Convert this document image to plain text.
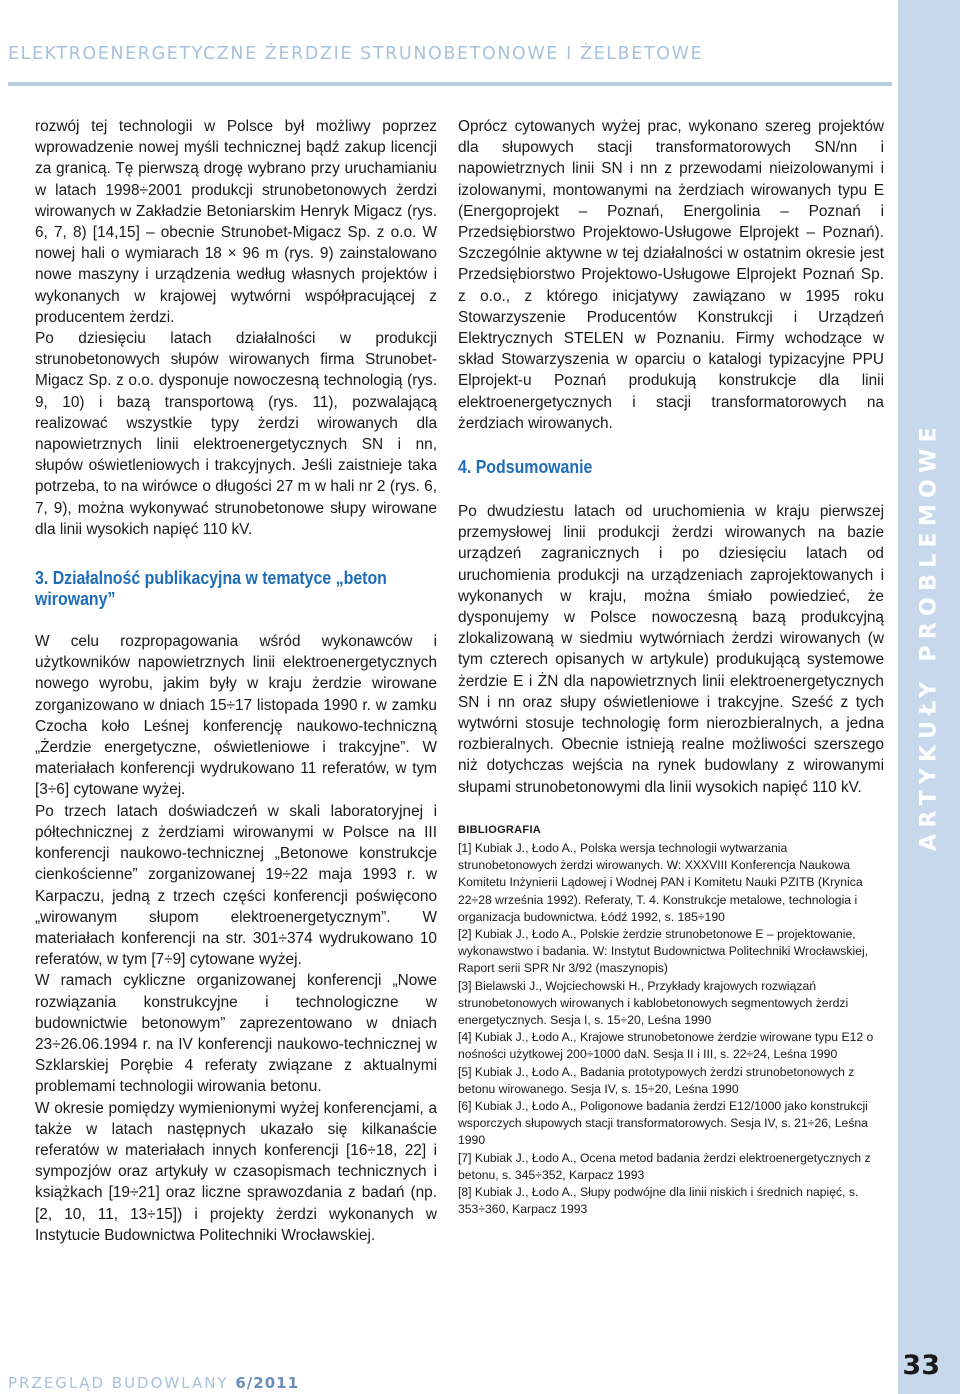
ELEKTROENERGETYCZNE ŻERDZIE STRUNOBETONOWE I ŻELBETOWE
ARTYKUŁY PROBLEMOWE

rozwój tej technologii w Polsce był możliwy poprzez wprowadzenie nowej myśli technicznej bądź zakup licencji za granicą. Tę pierwszą drogę wybrano przy uruchamianiu w latach 1998÷2001 produkcji strunobetonowych żerdzi wirowanych w Zakładzie Betoniarskim Henryk Migacz (rys. 6, 7, 8) [14,15] – obecnie Strunobet-Migacz Sp. z o.o. W nowej hali o wymiarach 18 × 96 m (rys. 9) zainstalowano nowe maszyny i urządzenia według własnych projektów i wykonanych w krajowej wytwórni współpracującej z producentem żerdzi.

Po dziesięciu latach działalności w produkcji strunobetonowych słupów wirowanych firma Strunobet-Migacz Sp. z o.o. dysponuje nowoczesną technologią (rys. 9, 10) i bazą transportową (rys. 11), pozwalającą realizować wszystkie typy żerdzi wirowanych dla napowietrznych linii elektroenergetycznych SN i nn, słupów oświetleniowych i trakcyjnych. Jeśli zaistnieje taka potrzeba, to na wirówce o długości 27 m w hali nr 2 (rys. 6, 7, 9), można wykonywać strunobetonowe słupy wirowane dla linii wysokich napięć 110 kV.

3. Działalność publikacyjna w tematyce „beton wirowany”

W celu rozpropagowania wśród wykonawców i użytkowników napowietrznych linii elektroenergetycznych nowego wyrobu, jakim były w kraju żerdzie wirowane zorganizowano w dniach 15÷17 listopada 1990 r. w zamku Czocha koło Leśnej konferencję naukowo-techniczną „Żerdzie energetyczne, oświetleniowe i trakcyjne”. W materiałach konferencji wydrukowano 11 referatów, w tym [3÷6] cytowane wyżej.

Po trzech latach doświadczeń w skali laboratoryjnej i półtechnicznej z żerdziami wirowanymi w Polsce na III konferencji naukowo-technicznej „Betonowe konstrukcje cienkościenne” zorganizowanej 19÷22 maja 1993 r. w Karpaczu, jedną z trzech części konferencji poświęcono „wirowanym słupom elektroenergetycznym”. W materiałach konferencji na str. 301÷374 wydrukowano 10 referatów, w tym [7÷9] cytowane wyżej.

W ramach cykliczne organizowanej konferencji „Nowe rozwiązania konstrukcyjne i technologiczne w budownictwie betonowym” zaprezentowano w dniach 23÷26.06.1994 r. na IV konferencji naukowo-technicznej w Szklarskiej Porębie 4 referaty związane z aktualnymi problemami technologii wirowania betonu.

W okresie pomiędzy wymienionymi wyżej konferencjami, a także w latach następnych ukazało się kilkanaście referatów w materiałach innych konferencji [16÷18, 22] i sympozjów oraz artykuły w czasopismach technicznych i książkach [19÷21] oraz liczne sprawozdania z badań (np. [2, 10, 11, 13÷15]) i projekty żerdzi wykonanych w Instytucie Budownictwa Politechniki Wrocławskiej.

Oprócz cytowanych wyżej prac, wykonano szereg projektów dla słupowych stacji transformatorowych SN/nn i napowietrznych linii SN i nn z przewodami nieizolowanymi i izolowanymi, montowanymi na żerdziach wirowanych typu E (Energoprojekt – Poznań, Energolinia – Poznań i Przedsiębiorstwo Projektowo-Usługowe Elprojekt – Poznań). Szczególnie aktywne w tej działalności w ostatnim okresie jest Przedsiębiorstwo Projektowo-Usługowe Elprojekt Poznań Sp. z o.o., z którego inicjatywy zawiązano w 1995 roku Stowarzyszenie Producentów Konstrukcji i Urządzeń Elektrycznych STELEN w Poznaniu. Firmy wchodzące w skład Stowarzyszenia w oparciu o katalogi typizacyjne PPU Elprojekt-u Poznań produkują konstrukcje dla linii elektroenergetycznych i stacji transformatorowych na żerdziach wirowanych.

4. Podsumowanie

Po dwudziestu latach od uruchomienia w kraju pierwszej przemysłowej linii produkcji żerdzi wirowanych na bazie urządzeń zagranicznych i po dziesięciu latach od uruchomienia produkcji na urządzeniach zaprojektowanych i wykonanych w kraju, można śmiało powiedzieć, że dysponujemy w Polsce nowoczesną bazą produkcyjną zlokalizowaną w siedmiu wytwórniach żerdzi wirowanych (w tym czterech opisanych w artykule) produkującą systemowe żerdzie E i ŻN dla napowietrznych linii elektroenergetycznych SN i nn oraz słupy oświetleniowe i trakcyjne. Sześć z tych wytwórni stosuje technologię form nierozbieralnych, a jedna rozbieralnych. Obecnie istnieją realne możliwości szerszego niż dotychczas wejścia na rynek budowlany z wirowanymi słupami strunobetonowymi dla linii wysokich napięć 110 kV.

BIBLIOGRAFIA

[1] Kubiak J., Łodo A., Polska wersja technologii wytwarzania strunobetonowych żerdzi wirowanych. W: XXXVIII Konferencja Naukowa Komitetu Inżynierii Lądowej i Wodnej PAN i Komitetu Nauki PZITB (Krynica 22÷28 września 1992). Referaty, T. 4. Konstrukcje metalowe, technologia i organizacja budownictwa. Łódź 1992, s. 185÷190

[2] Kubiak J., Łodo A., Polskie żerdzie strunobetonowe E – projektowanie, wykonawstwo i badania. W: Instytut Budownictwa Politechniki Wrocławskiej, Raport serii SPR Nr 3/92 (maszynopis)

[3] Bielawski J., Wojciechowski H., Przykłady krajowych rozwiązań strunobetonowych wirowanych i kablobetonowych segmentowych żerdzi energetycznych. Sesja I, s. 15÷20, Leśna 1990

[4] Kubiak J., Łodo A., Krajowe strunobetonowe żerdzie wirowane typu E12 o nośności użytkowej 200÷1000 daN. Sesja II i III, s. 22÷24, Leśna 1990

[5] Kubiak J., Łodo A., Badania prototypowych żerdzi strunobetonowych z betonu wirowanego. Sesja IV, s. 15÷20, Leśna 1990

[6] Kubiak J., Łodo A., Poligonowe badania żerdzi E12/1000 jako konstrukcji wsporczych słupowych stacji transformatorowych. Sesja IV, s. 21÷26, Leśna 1990

[7] Kubiak J., Łodo A., Ocena metod badania żerdzi elektroenergetycznych z betonu, s. 345÷352, Karpacz 1993

[8] Kubiak J., Łodo A., Słupy podwójne dla linii niskich i średnich napięć, s. 353÷360, Karpacz 1993

PRZEGLĄD BUDOWLANY 6/2011
33
